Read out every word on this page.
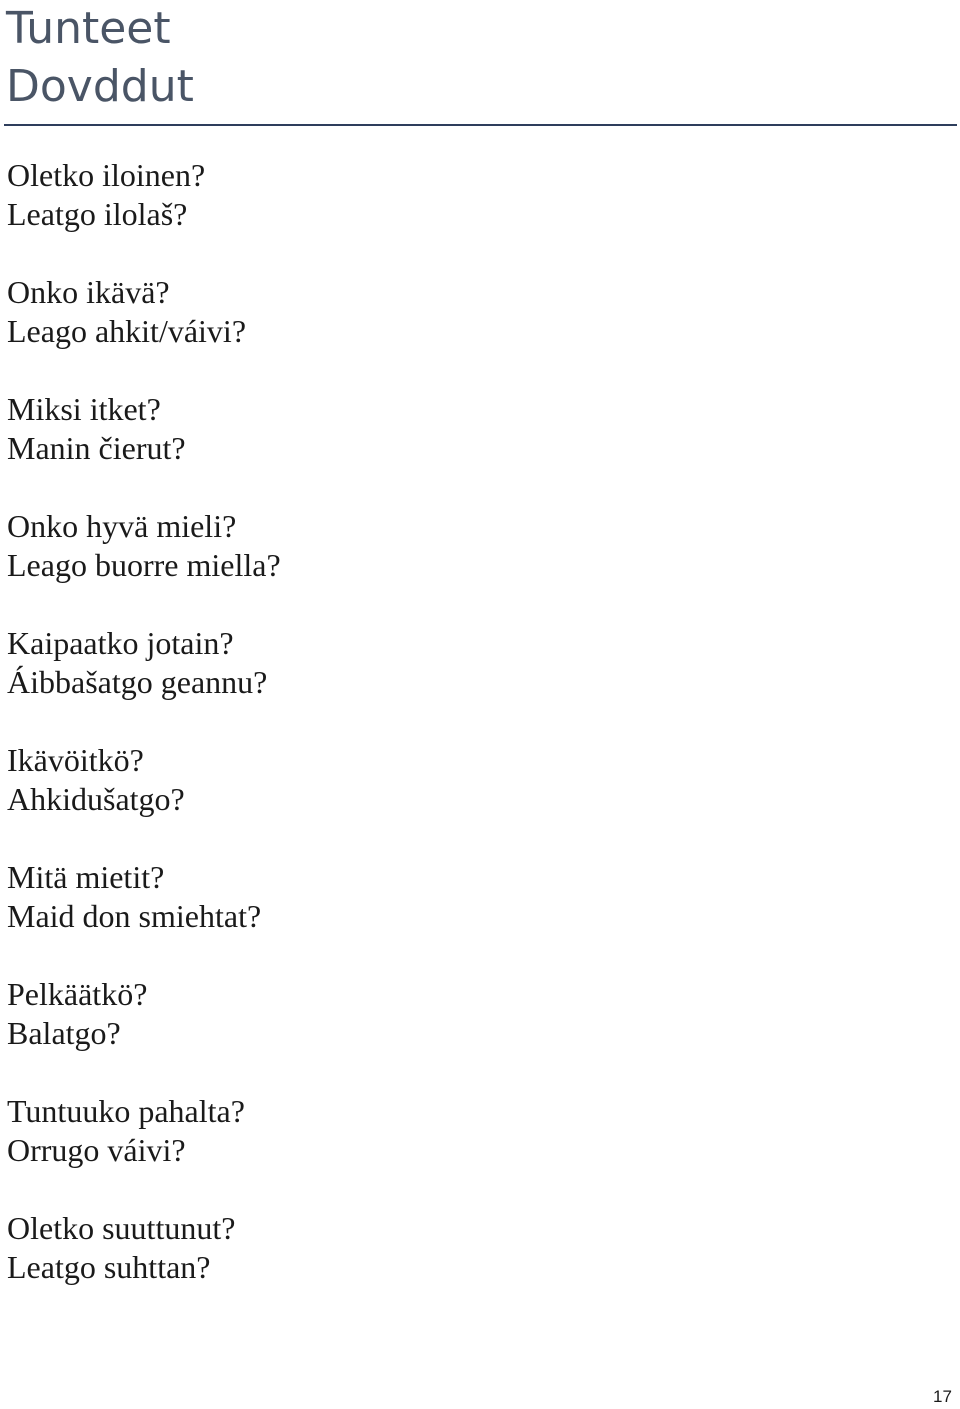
Tunteet
Dovddut
Oletko iloinen?
Leatgo ilolaš?
Onko ikävä?
Leago ahkit/váivi?
Miksi itket?
Manin čierut?
Onko hyvä mieli?
Leago buorre miella?
Kaipaatko jotain?
Áibbašatgo geannu?
Ikävöitkö?
Ahkidušatgo?
Mitä mietit?
Maid don smiehtat?
Pelkäätkö?
Balatgo?
Tuntuuko pahalta?
Orrugo váivi?
Oletko suuttunut?
Leatgo suhttan?
17
